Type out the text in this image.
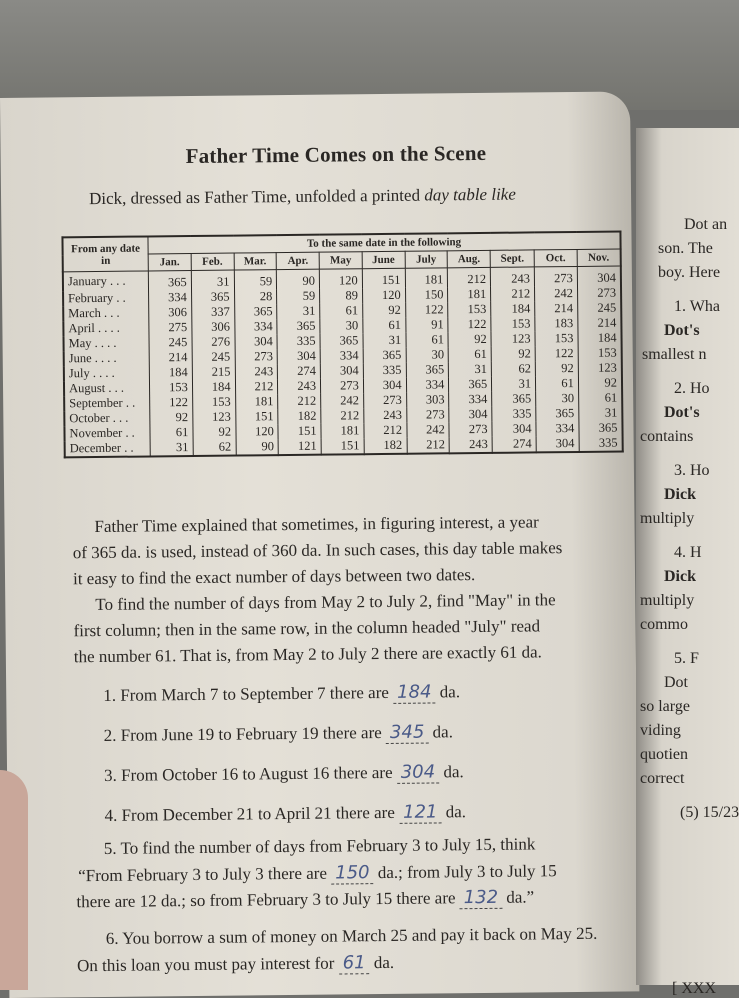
Father Time Comes on the Scene
Dick, dressed as Father Time, unfolded a printed day table like
From any date in	To the same date in the following										
	Jan.	Feb.	Mar.	Apr.	May	June	July	Aug.	Sept.	Oct.	Nov.
January . . .	365	31	59	90	120	151	181	212	243	273	304
February . .	334	365	28	59	89	120	150	181	212	242	273
March . . .	306	337	365	31	61	92	122	153	184	214	245
April . . . .	275	306	334	365	30	61	91	122	153	183	214
May . . . .	245	276	304	335	365	31	61	92	123	153	184
June . . . .	214	245	273	304	334	365	30	61	92	122	153
July . . . .	184	215	243	274	304	335	365	31	62	92	123
August . . .	153	184	212	243	273	304	334	365	31	61	92
September . .	122	153	181	212	242	273	303	334	365	30	61
October . . .	92	123	151	182	212	243	273	304	335	365	31
November . .	61	92	120	151	181	212	242	273	304	334	365
December . .	31	62	90	121	151	182	212	243	274	304	335
Father Time explained that sometimes, in figuring interest, a year
of 365 da. is used, instead of 360 da. In such cases, this day table makes
it easy to find the exact number of days between two dates.
To find the number of days from May 2 to July 2, find "May" in the
first column; then in the same row, in the column headed "July" read
the number 61. That is, from May 2 to July 2 there are exactly 61 da.
1. From March 7 to September 7 there are 184 da.
2. From June 19 to February 19 there are 345 da.
3. From October 16 to August 16 there are 304 da.
4. From December 21 to April 21 there are 121 da.
5. To find the number of days from February 3 to July 15, think
“From February 3 to July 3 there are 150 da.; from July 3 to July 15
there are 12 da.; so from February 3 to July 15 there are 132 da.”
6. You borrow a sum of money on March 25 and pay it back on May 25.
On this loan you must pay interest for 61 da.
Dot an
son. The
boy. Here
1. Wha
Dot's
smallest n
2. Ho
Dot's
contains
3. Ho
Dick
multiply
4. H
Dick
multiply
commo
5. F
Dot
so large
viding
quotien
correct
(5) 15/23
[ XXX
